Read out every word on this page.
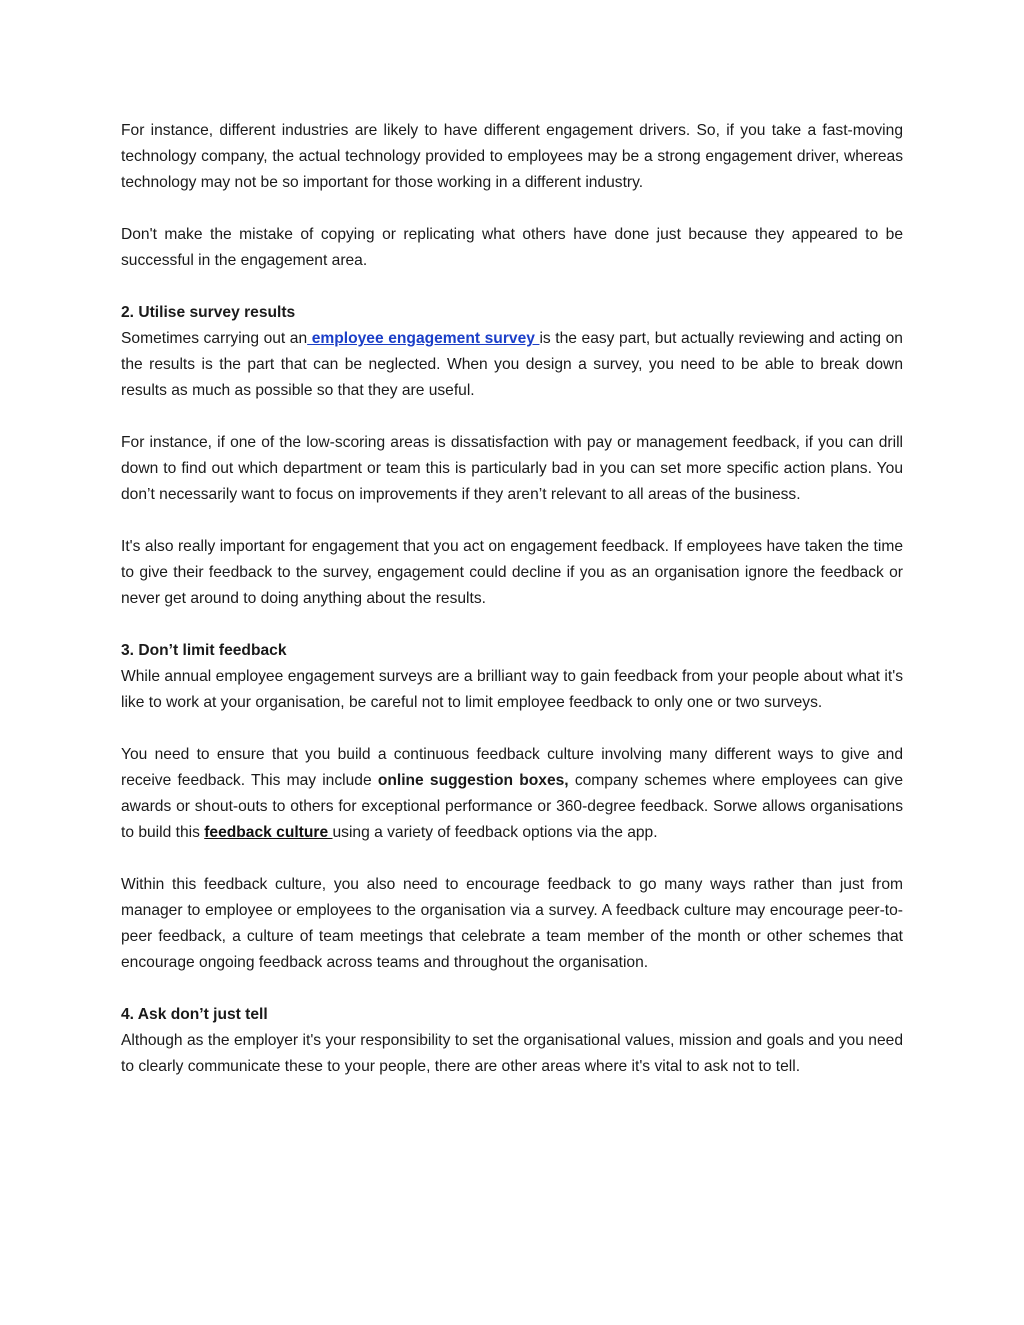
For instance, different industries are likely to have different engagement drivers. So, if you take a fast-moving technology company, the actual technology provided to employees may be a strong engagement driver, whereas technology may not be so important for those working in a different industry.

Don't make the mistake of copying or replicating what others have done just because they appeared to be successful in the engagement area.

2. Utilise survey results

Sometimes carrying out an employee engagement survey is the easy part, but actually reviewing and acting on the results is the part that can be neglected. When you design a survey, you need to be able to break down results as much as possible so that they are useful.

For instance, if one of the low-scoring areas is dissatisfaction with pay or management feedback, if you can drill down to find out which department or team this is particularly bad in you can set more specific action plans. You don’t necessarily want to focus on improvements if they aren’t relevant to all areas of the business.

It's also really important for engagement that you act on engagement feedback. If employees have taken the time to give their feedback to the survey, engagement could decline if you as an organisation ignore the feedback or never get around to doing anything about the results.

3. Don’t limit feedback

While annual employee engagement surveys are a brilliant way to gain feedback from your people about what it's like to work at your organisation, be careful not to limit employee feedback to only one or two surveys.

You need to ensure that you build a continuous feedback culture involving many different ways to give and receive feedback. This may include online suggestion boxes, company schemes where employees can give awards or shout-outs to others for exceptional performance or 360-degree feedback. Sorwe allows organisations to build this feedback culture using a variety of feedback options via the app.

Within this feedback culture, you also need to encourage feedback to go many ways rather than just from manager to employee or employees to the organisation via a survey. A feedback culture may encourage peer-to-peer feedback, a culture of team meetings that celebrate a team member of the month or other schemes that encourage ongoing feedback across teams and throughout the organisation.

4. Ask don’t just tell

Although as the employer it's your responsibility to set the organisational values, mission and goals and you need to clearly communicate these to your people, there are other areas where it's vital to ask not to tell.
